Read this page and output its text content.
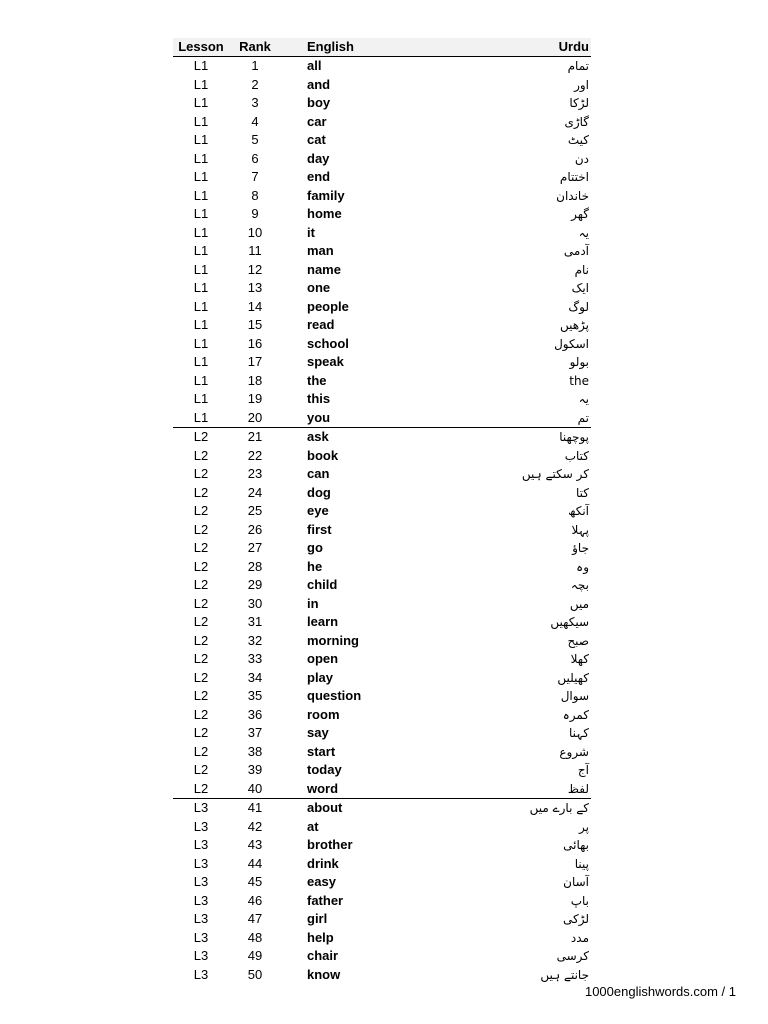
Lesson	Rank	English	Urdu
L1	1	all	تمام
L1	2	and	اور
L1	3	boy	لڑکا
L1	4	car	گاڑی
L1	5	cat	کیٹ
L1	6	day	دن
L1	7	end	اختتام
L1	8	family	خاندان
L1	9	home	گھر
L1	10	it	یہ
L1	11	man	آدمی
L1	12	name	نام
L1	13	one	ایک
L1	14	people	لوگ
L1	15	read	پڑھیں
L1	16	school	اسکول
L1	17	speak	بولو
L1	18	the	the
L1	19	this	یہ
L1	20	you	تم
L2	21	ask	پوچھنا
L2	22	book	کتاب
L2	23	can	کر سکتے ہیں
L2	24	dog	کتا
L2	25	eye	آنکھ
L2	26	first	پہلا
L2	27	go	جاؤ
L2	28	he	وہ
L2	29	child	بچہ
L2	30	in	میں
L2	31	learn	سیکھیں
L2	32	morning	صبح
L2	33	open	کھلا
L2	34	play	کھیلیں
L2	35	question	سوال
L2	36	room	کمرہ
L2	37	say	کہنا
L2	38	start	شروع
L2	39	today	آج
L2	40	word	لفظ
L3	41	about	کے بارے میں
L3	42	at	پر
L3	43	brother	بھائی
L3	44	drink	پینا
L3	45	easy	آسان
L3	46	father	باپ
L3	47	girl	لڑکی
L3	48	help	مدد
L3	49	chair	کرسی
L3	50	know	جانتے ہیں
1000englishwords.com / 1
